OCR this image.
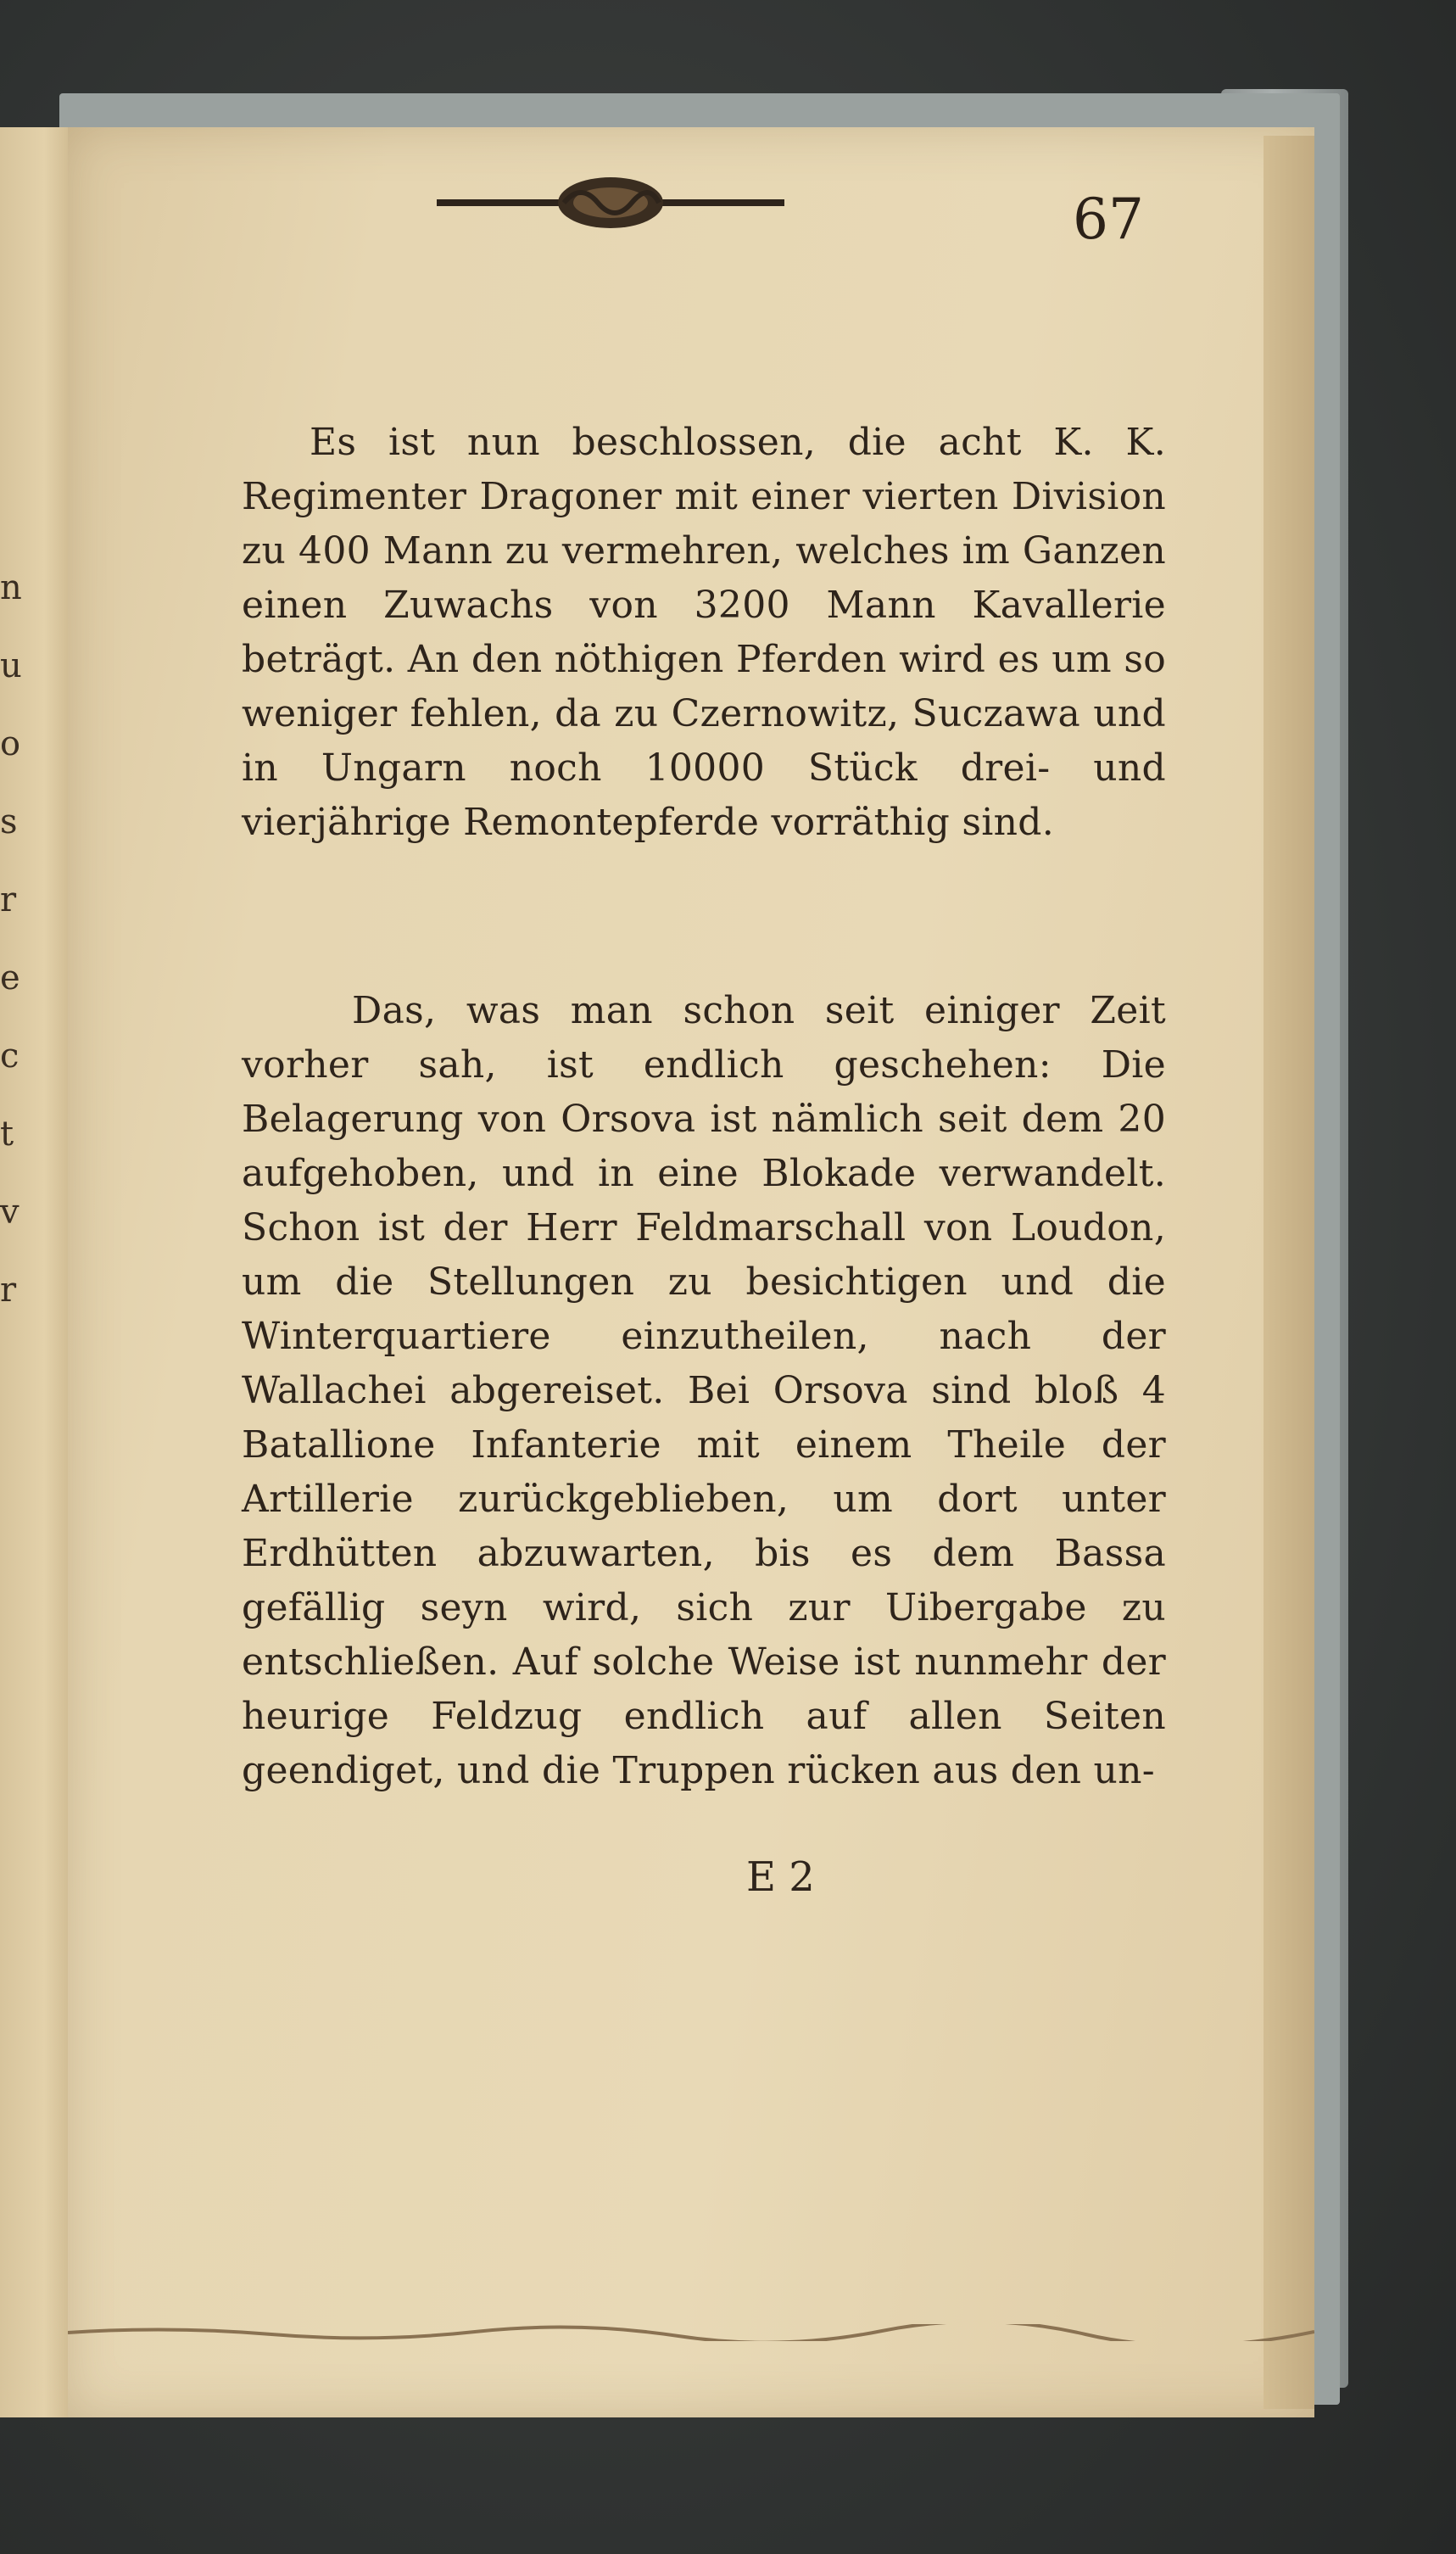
n
u
o
s
r
e
c
t
v
r
67
Es ist nun beschlossen, die acht K. K. Regimenter Dragoner mit einer vierten Division zu 400 Mann zu vermehren, welches im Ganzen einen Zuwachs von 3200 Mann Kavallerie beträgt. An den nöthigen Pferden wird es um so weniger fehlen, da zu Czernowitz, Suczawa und in Ungarn noch 10000 Stück drei- und vierjährige Remontepferde vorräthig sind.
Das, was man schon seit einiger Zeit vorher sah, ist endlich geschehen: Die Belagerung von Orsova ist nämlich seit dem 20 aufgehoben, und in eine Blokade verwandelt. Schon ist der Herr Feldmarschall von Loudon, um die Stellungen zu besichtigen und die Winterquartiere einzutheilen, nach der Wallachei abgereiset. Bei Orsova sind bloß 4 Batallione Infanterie mit einem Theile der Artillerie zurückgeblieben, um dort unter Erdhütten abzuwarten, bis es dem Bassa gefällig seyn wird, sich zur Uibergabe zu entschließen. Auf solche Weise ist nunmehr der heurige Feldzug endlich auf allen Seiten geendiget, und die Truppen rücken aus den un-
E 2
